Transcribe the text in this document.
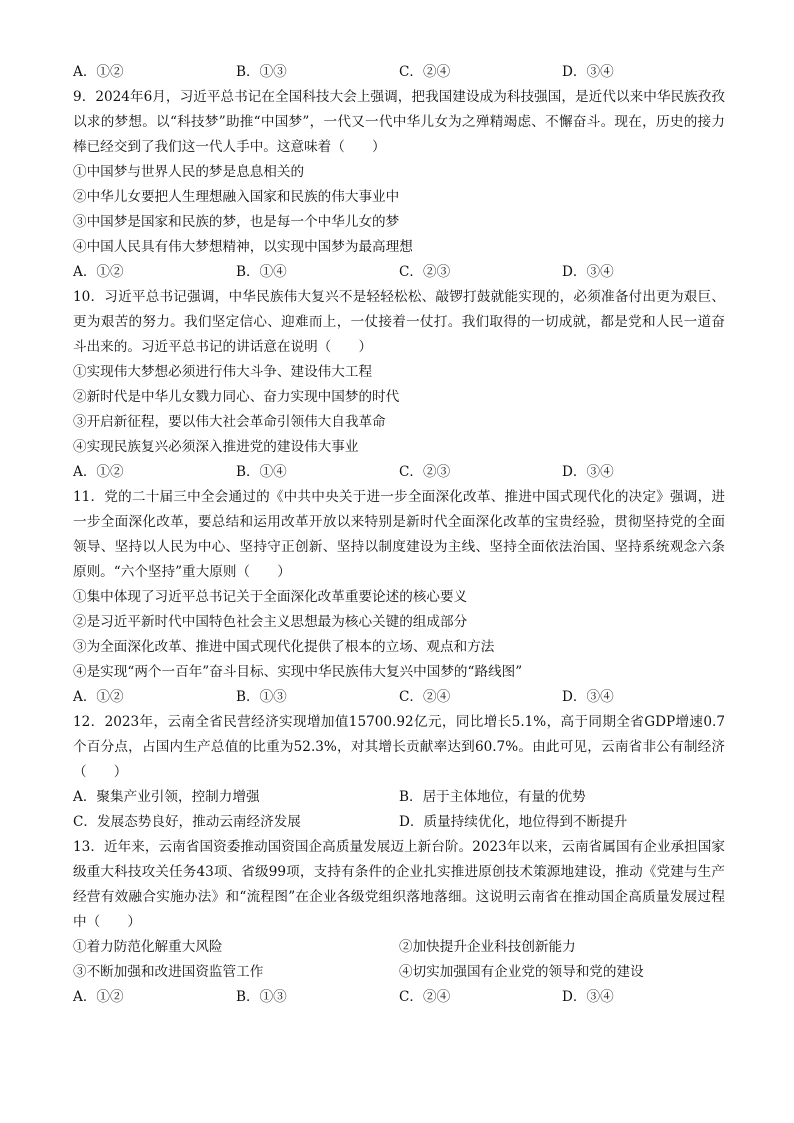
A．①②	B．①③	C．②④	D．③④
9．2024年6月，习近平总书记在全国科技大会上强调，把我国建设成为科技强国，是近代以来中华民族孜孜以求的梦想。以“科技梦”助推“中国梦”，一代又一代中华儿女为之殚精竭虑、不懈奋斗。现在，历史的接力棒已经交到了我们这一代人手中。这意味着（　　）
①中国梦与世界人民的梦是息息相关的
②中华儿女要把人生理想融入国家和民族的伟大事业中
③中国梦是国家和民族的梦，也是每一个中华儿女的梦
④中国人民具有伟大梦想精神，以实现中国梦为最高理想
A．①②	B．①④	C．②③	D．③④
10．习近平总书记强调，中华民族伟大复兴不是轻轻松松、敲锣打鼓就能实现的，必须准备付出更为艰巨、更为艰苦的努力。我们坚定信心、迎难而上，一仗接着一仗打。我们取得的一切成就，都是党和人民一道奋斗出来的。习近平总书记的讲话意在说明（　　）
①实现伟大梦想必须进行伟大斗争、建设伟大工程
②新时代是中华儿女戮力同心、奋力实现中国梦的时代
③开启新征程，要以伟大社会革命引领伟大自我革命
④实现民族复兴必须深入推进党的建设伟大事业
A．①②	B．①④	C．②③	D．③④
11．党的二十届三中全会通过的《中共中央关于进一步全面深化改革、推进中国式现代化的决定》强调，进一步全面深化改革，要总结和运用改革开放以来特别是新时代全面深化改革的宝贵经验，贯彻坚持党的全面领导、坚持以人民为中心、坚持守正创新、坚持以制度建设为主线、坚持全面依法治国、坚持系统观念六条原则。“六个坚持”重大原则（　　）
①集中体现了习近平总书记关于全面深化改革重要论述的核心要义
②是习近平新时代中国特色社会主义思想最为核心关键的组成部分
③为全面深化改革、推进中国式现代化提供了根本的立场、观点和方法
④是实现“两个一百年”奋斗目标、实现中华民族伟大复兴中国梦的“路线图”
A．①②	B．①③	C．②④	D．③④
12．2023年，云南全省民营经济实现增加值15700.92亿元，同比增长5.1%，高于同期全省GDP增速0.7个百分点，占国内生产总值的比重为52.3%，对其增长贡献率达到60.7%。由此可见，云南省非公有制经济（　　）
A．聚集产业引领，控制力增强	B．居于主体地位，有量的优势
C．发展态势良好，推动云南经济发展	D．质量持续优化，地位得到不断提升
13．近年来，云南省国资委推动国资国企高质量发展迈上新台阶。2023年以来，云南省属国有企业承担国家级重大科技攻关任务43项、省级99项，支持有条件的企业扎实推进原创技术策源地建设，推动《党建与生产经营有效融合实施办法》和“流程图”在企业各级党组织落地落细。这说明云南省在推动国企高质量发展过程中（　　）
①着力防范化解重大风险	②加快提升企业科技创新能力
③不断加强和改进国资监管工作	④切实加强国有企业党的领导和党的建设
A．①②	B．①③	C．②④	D．③④
